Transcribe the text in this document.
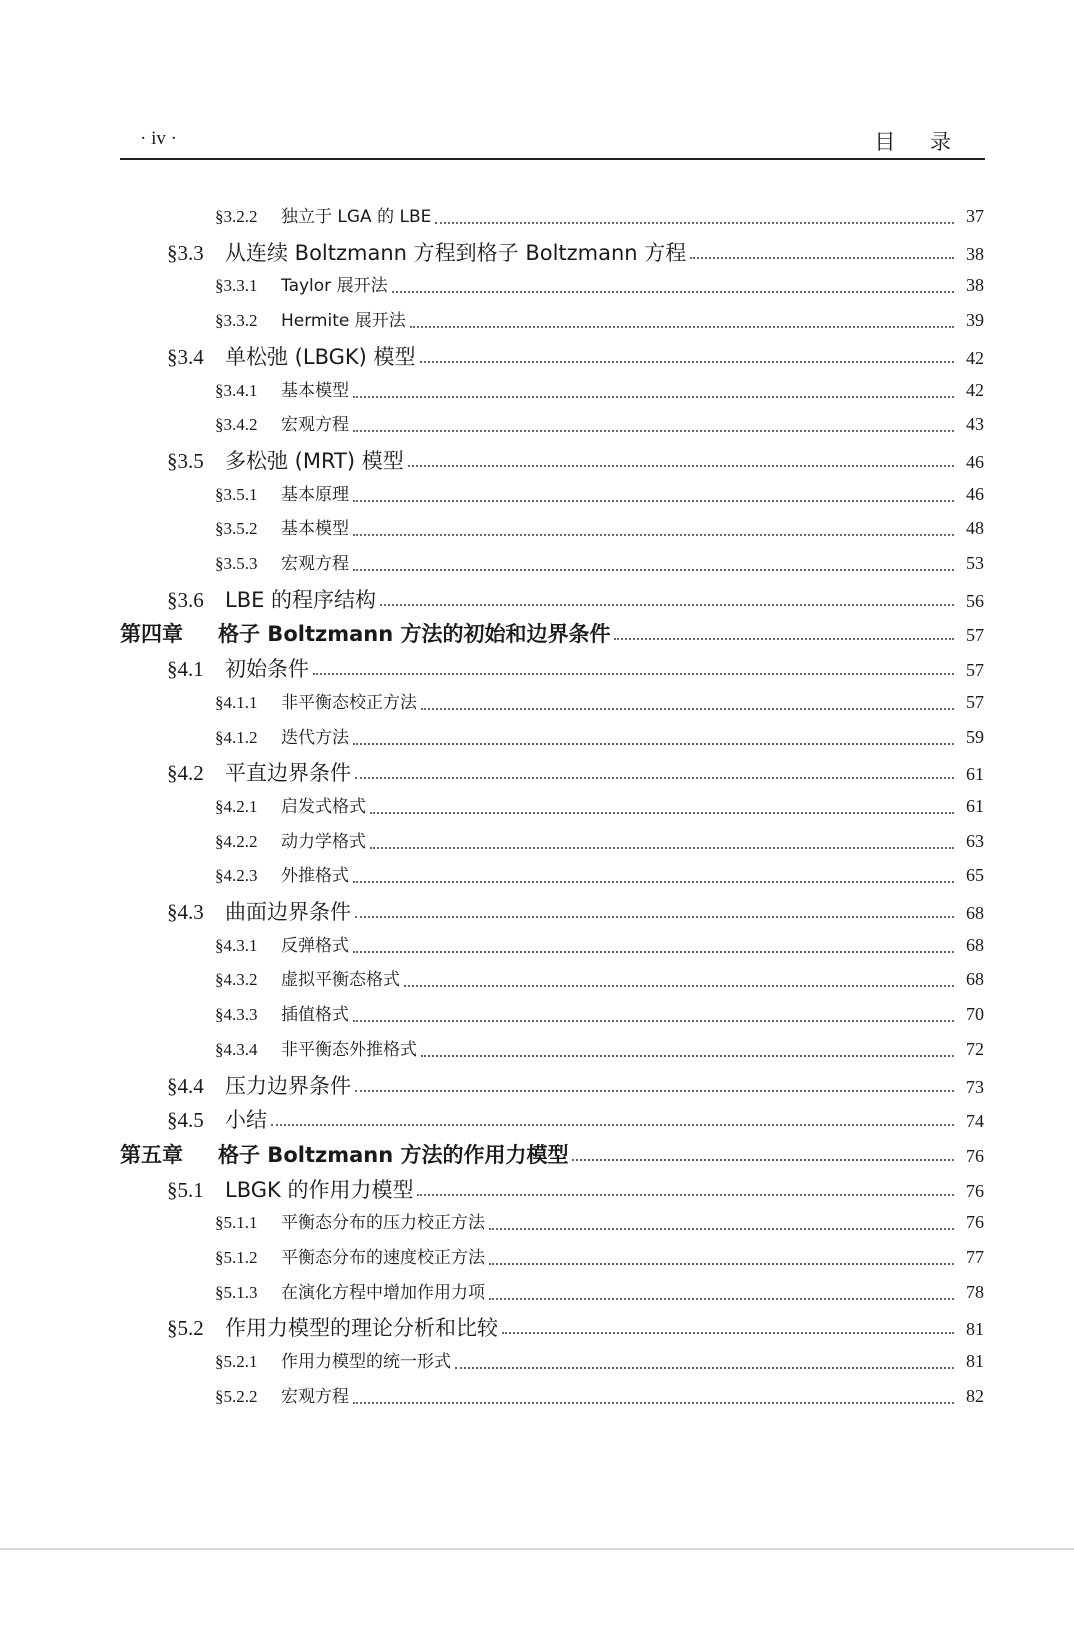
· iv ·	目 录
§3.2.2	独立于 LGA 的 LBE	37
§3.3	从连续 Boltzmann 方程到格子 Boltzmann 方程	38
§3.3.1	Taylor 展开法	38
§3.3.2	Hermite 展开法	39
§3.4	单松弛 (LBGK) 模型	42
§3.4.1	基本模型	42
§3.4.2	宏观方程	43
§3.5	多松弛 (MRT) 模型	46
§3.5.1	基本原理	46
§3.5.2	基本模型	48
§3.5.3	宏观方程	53
§3.6	LBE 的程序结构	56
第四章	格子 Boltzmann 方法的初始和边界条件	57
§4.1	初始条件	57
§4.1.1	非平衡态校正方法	57
§4.1.2	迭代方法	59
§4.2	平直边界条件	61
§4.2.1	启发式格式	61
§4.2.2	动力学格式	63
§4.2.3	外推格式	65
§4.3	曲面边界条件	68
§4.3.1	反弹格式	68
§4.3.2	虚拟平衡态格式	68
§4.3.3	插值格式	70
§4.3.4	非平衡态外推格式	72
§4.4	压力边界条件	73
§4.5	小结	74
第五章	格子 Boltzmann 方法的作用力模型	76
§5.1	LBGK 的作用力模型	76
§5.1.1	平衡态分布的压力校正方法	76
§5.1.2	平衡态分布的速度校正方法	77
§5.1.3	在演化方程中增加作用力项	78
§5.2	作用力模型的理论分析和比较	81
§5.2.1	作用力模型的统一形式	81
§5.2.2	宏观方程	82
